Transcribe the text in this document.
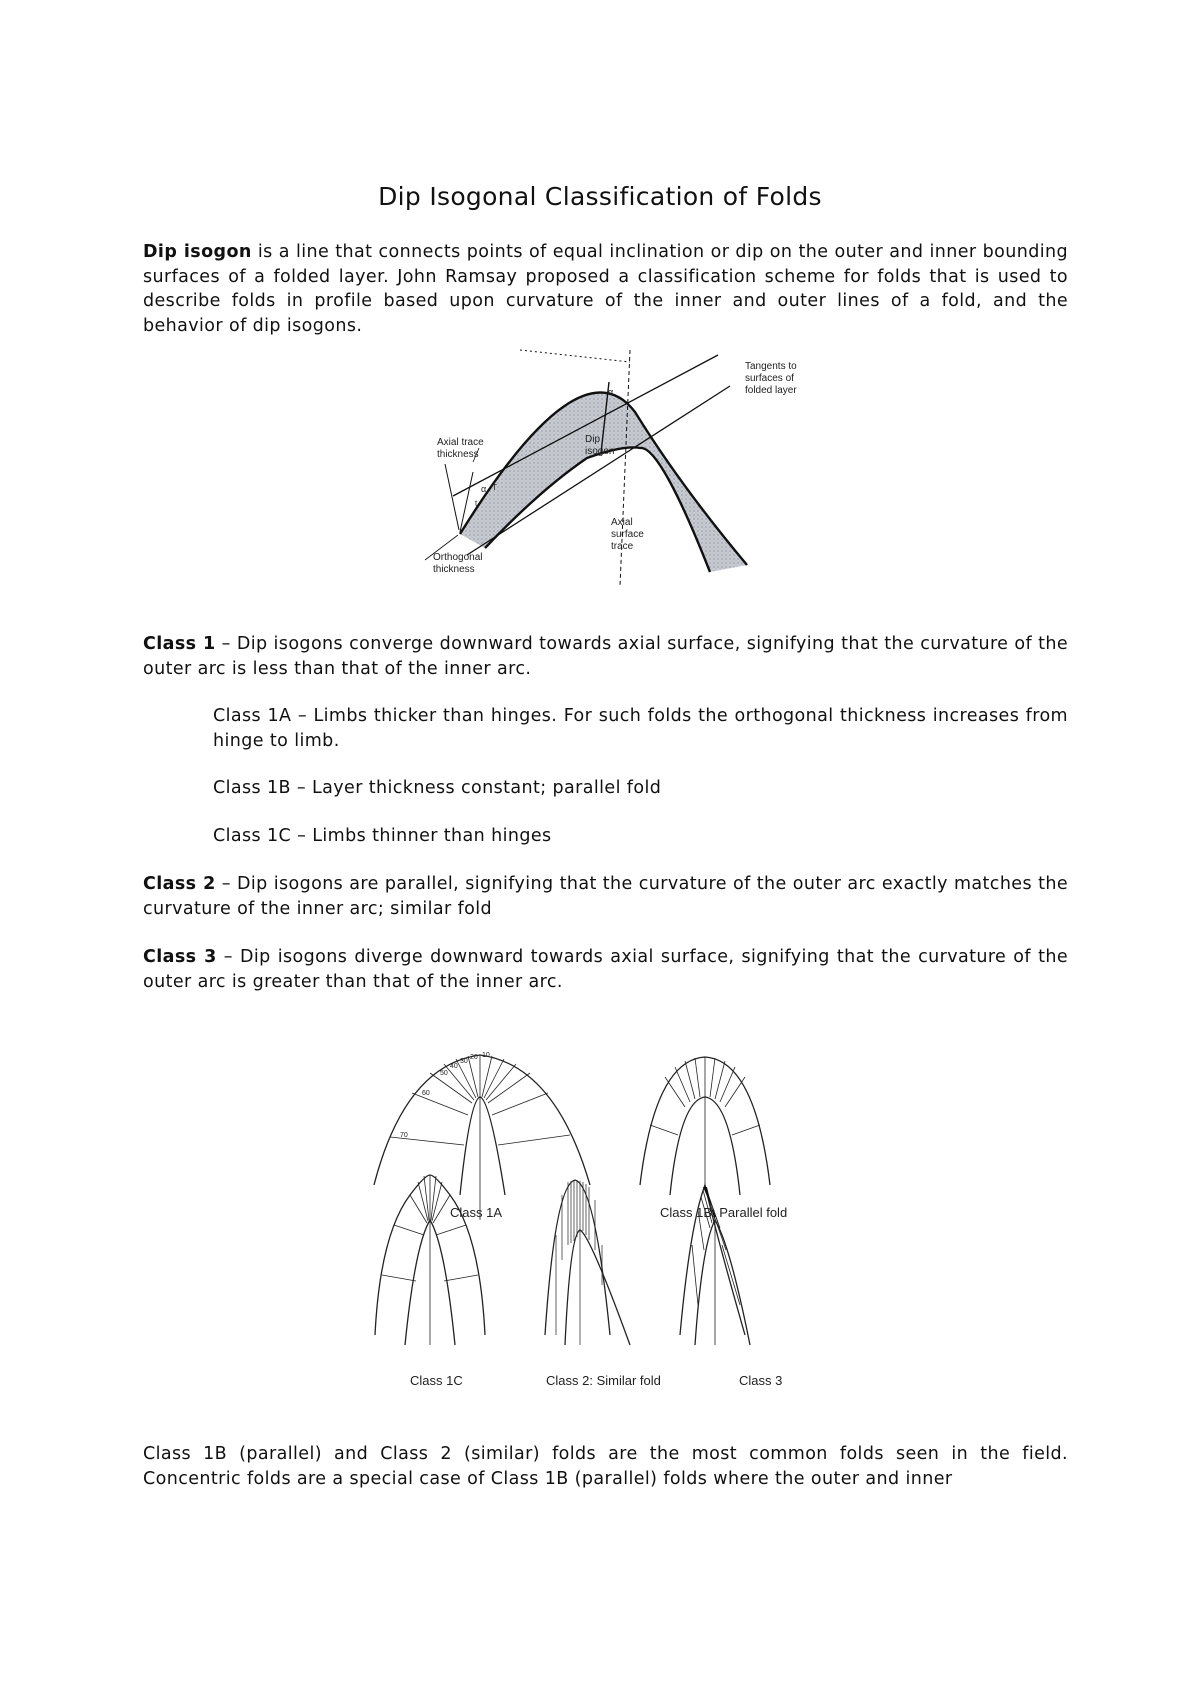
Dip Isogonal Classification of Folds

Dip isogon is a line that connects points of equal inclination or dip on the outer and inner bounding surfaces of a folded layer. John Ramsay proposed a classification scheme for folds that is used to describe folds in profile based upon curvature of the inner and outer lines of a fold, and the behavior of dip isogons.

Tangents to
surfaces of
folded layer
Axial trace
thickness
Dip
isogon
Axial
surface
trace
Orthogonal
thickness
α
α
t
T

Class 1 – Dip isogons converge downward towards axial surface, signifying that the curvature of the outer arc is less than that of the inner arc.

Class 1A – Limbs thicker than hinges. For such folds the orthogonal thickness increases from hinge to limb.

Class 1B – Layer thickness constant; parallel fold

Class 1C – Limbs thinner than hinges

Class 2 – Dip isogons are parallel, signifying that the curvature of the outer arc exactly matches the curvature of the inner arc; similar fold

Class 3 – Dip isogons diverge downward towards axial surface, signifying that the curvature of the outer arc is greater than that of the inner arc.

10
20
30
40
50
60
70
Class 1A	Class 1B: Parallel fold
Class 1C	Class 2: Similar fold	Class 3

Class 1B (parallel) and Class 2 (similar) folds are the most common folds seen in the field. Concentric folds are a special case of Class 1B (parallel) folds where the outer and inner
